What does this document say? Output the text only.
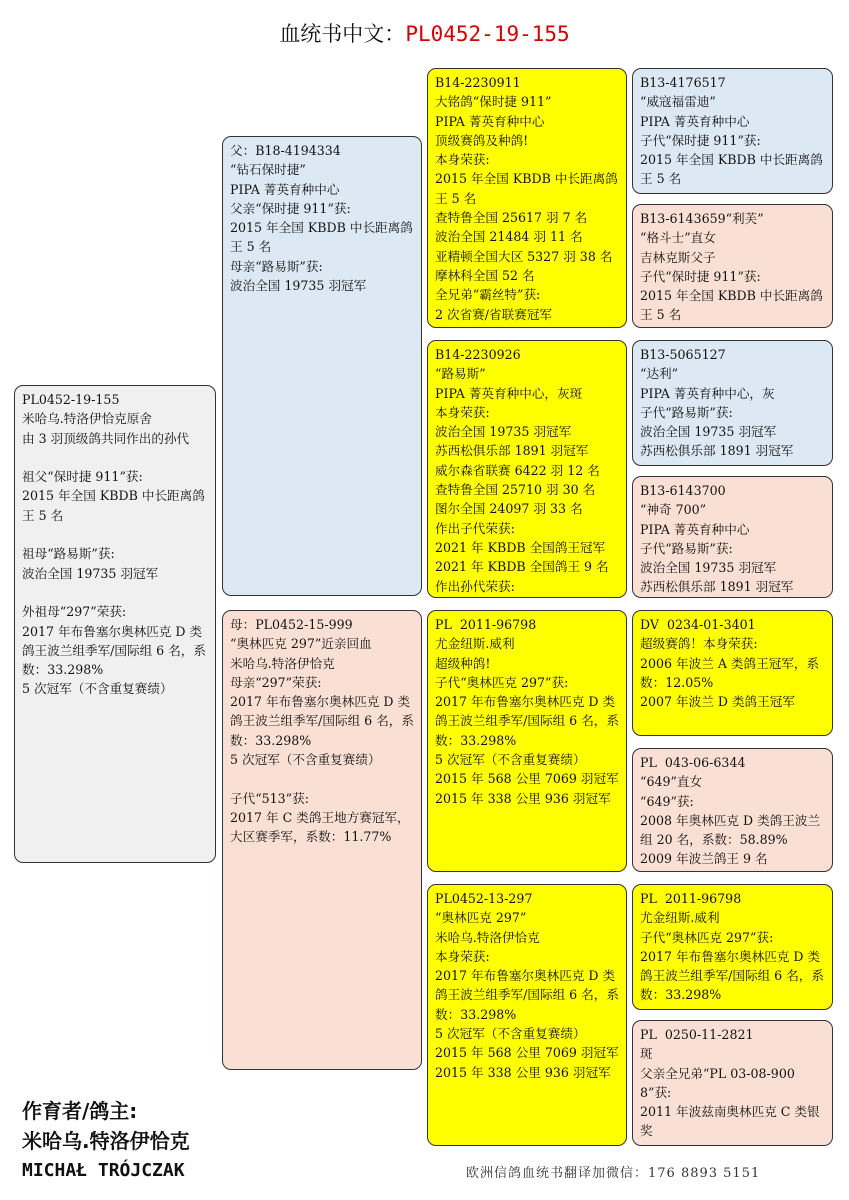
血统书中文：PL0452-19-155
PL0452-19-155
米哈乌.特洛伊恰克原舍
由 3 羽顶级鸽共同作出的孙代

祖父“保时捷 911”获:
2015 年全国 KBDB 中长距离鸽王 5 名

祖母“路易斯”获:
波治全国 19735 羽冠军

外祖母“297”荣获:
2017 年布鲁塞尔奥林匹克 D 类鸽王波兰组季军/国际组 6 名，系数：33.298%
5 次冠军（不含重复赛绩）
父：B18-4194334
“钻石保时捷”
PIPA 菁英育种中心
父亲“保时捷 911”获:
2015 年全国 KBDB 中长距离鸽王 5 名
母亲“路易斯”获:
波治全国 19735 羽冠军
母：PL0452-15-999
“奥林匹克 297”近亲回血
米哈乌.特洛伊恰克
母亲“297”荣获:
2017 年布鲁塞尔奥林匹克 D 类鸽王波兰组季军/国际组 6 名，系数：33.298%
5 次冠军（不含重复赛绩）

子代“513”获:
2017 年 C 类鸽王地方赛冠军，大区赛季军，系数：11.77%
B14-2230911
大铭鸽“保时捷 911”
PIPA 菁英育种中心
顶级赛鸽及种鸽!
本身荣获:
2015 年全国 KBDB 中长距离鸽王 5 名
查特鲁全国 25617 羽 7 名
波治全国 21484 羽 11 名
亚精顿全国大区 5327 羽 38 名
摩林科全国 52 名
全兄弟“霸丝特”获:
2 次省赛/省联赛冠军
B14-2230926
“路易斯”
PIPA 菁英育种中心，灰斑
本身荣获:
波治全国 19735 羽冠军
苏西松俱乐部 1891 羽冠军
威尔森省联赛 6422 羽 12 名
查特鲁全国 25710 羽 30 名
图尔全国 24097 羽 33 名
作出子代荣获:
2021 年 KBDB 全国鸽王冠军
2021 年 KBDB 全国鸽王 9 名
作出孙代荣获:
PL  2011-96798
尤金纽斯.威利
超级种鸽!
子代“奥林匹克 297”获:
2017 年布鲁塞尔奥林匹克 D 类鸽王波兰组季军/国际组 6 名，系数：33.298%
5 次冠军（不含重复赛绩）
2015 年 568 公里 7069 羽冠军
2015 年 338 公里 936 羽冠军
PL0452-13-297
“奥林匹克 297”
米哈乌.特洛伊恰克
本身荣获:
2017 年布鲁塞尔奥林匹克 D 类鸽王波兰组季军/国际组 6 名，系数：33.298%
5 次冠军（不含重复赛绩）
2015 年 568 公里 7069 羽冠军
2015 年 338 公里 936 羽冠军
B13-4176517
“威寇福雷迪”
PIPA 菁英育种中心
子代“保时捷 911”获:
2015 年全国 KBDB 中长距离鸽王 5 名
B13-6143659“利芙”
“格斗士”直女
吉林克斯父子
子代“保时捷 911”获:
2015 年全国 KBDB 中长距离鸽王 5 名
B13-5065127
“达利”
PIPA 菁英育种中心，灰
子代“路易斯”获:
波治全国 19735 羽冠军
苏西松俱乐部 1891 羽冠军
B13-6143700
“神奇 700”
PIPA 菁英育种中心
子代“路易斯”获:
波治全国 19735 羽冠军
苏西松俱乐部 1891 羽冠军
DV  0234-01-3401
超级赛鸽！本身荣获:
2006 年波兰 A 类鸽王冠军，系数：12.05%
2007 年波兰 D 类鸽王冠军
PL  043-06-6344
“649”直女
“649”获:
2008 年奥林匹克 D 类鸽王波兰组 20 名，系数：58.89%
2009 年波兰鸽王 9 名
PL  2011-96798
尤金纽斯.威利
子代“奥林匹克 297”获:
2017 年布鲁塞尔奥林匹克 D 类鸽王波兰组季军/国际组 6 名，系数：33.298%
PL  0250-11-2821
斑
父亲全兄弟“PL 03-08-9008”获:
2011 年波兹南奥林匹克 C 类银奖
作育者/鸽主:
米哈乌.特洛伊恰克
MICHAŁ TRÓJCZAK	欧洲信鸽血统书翻译加微信：176 8893 5151
